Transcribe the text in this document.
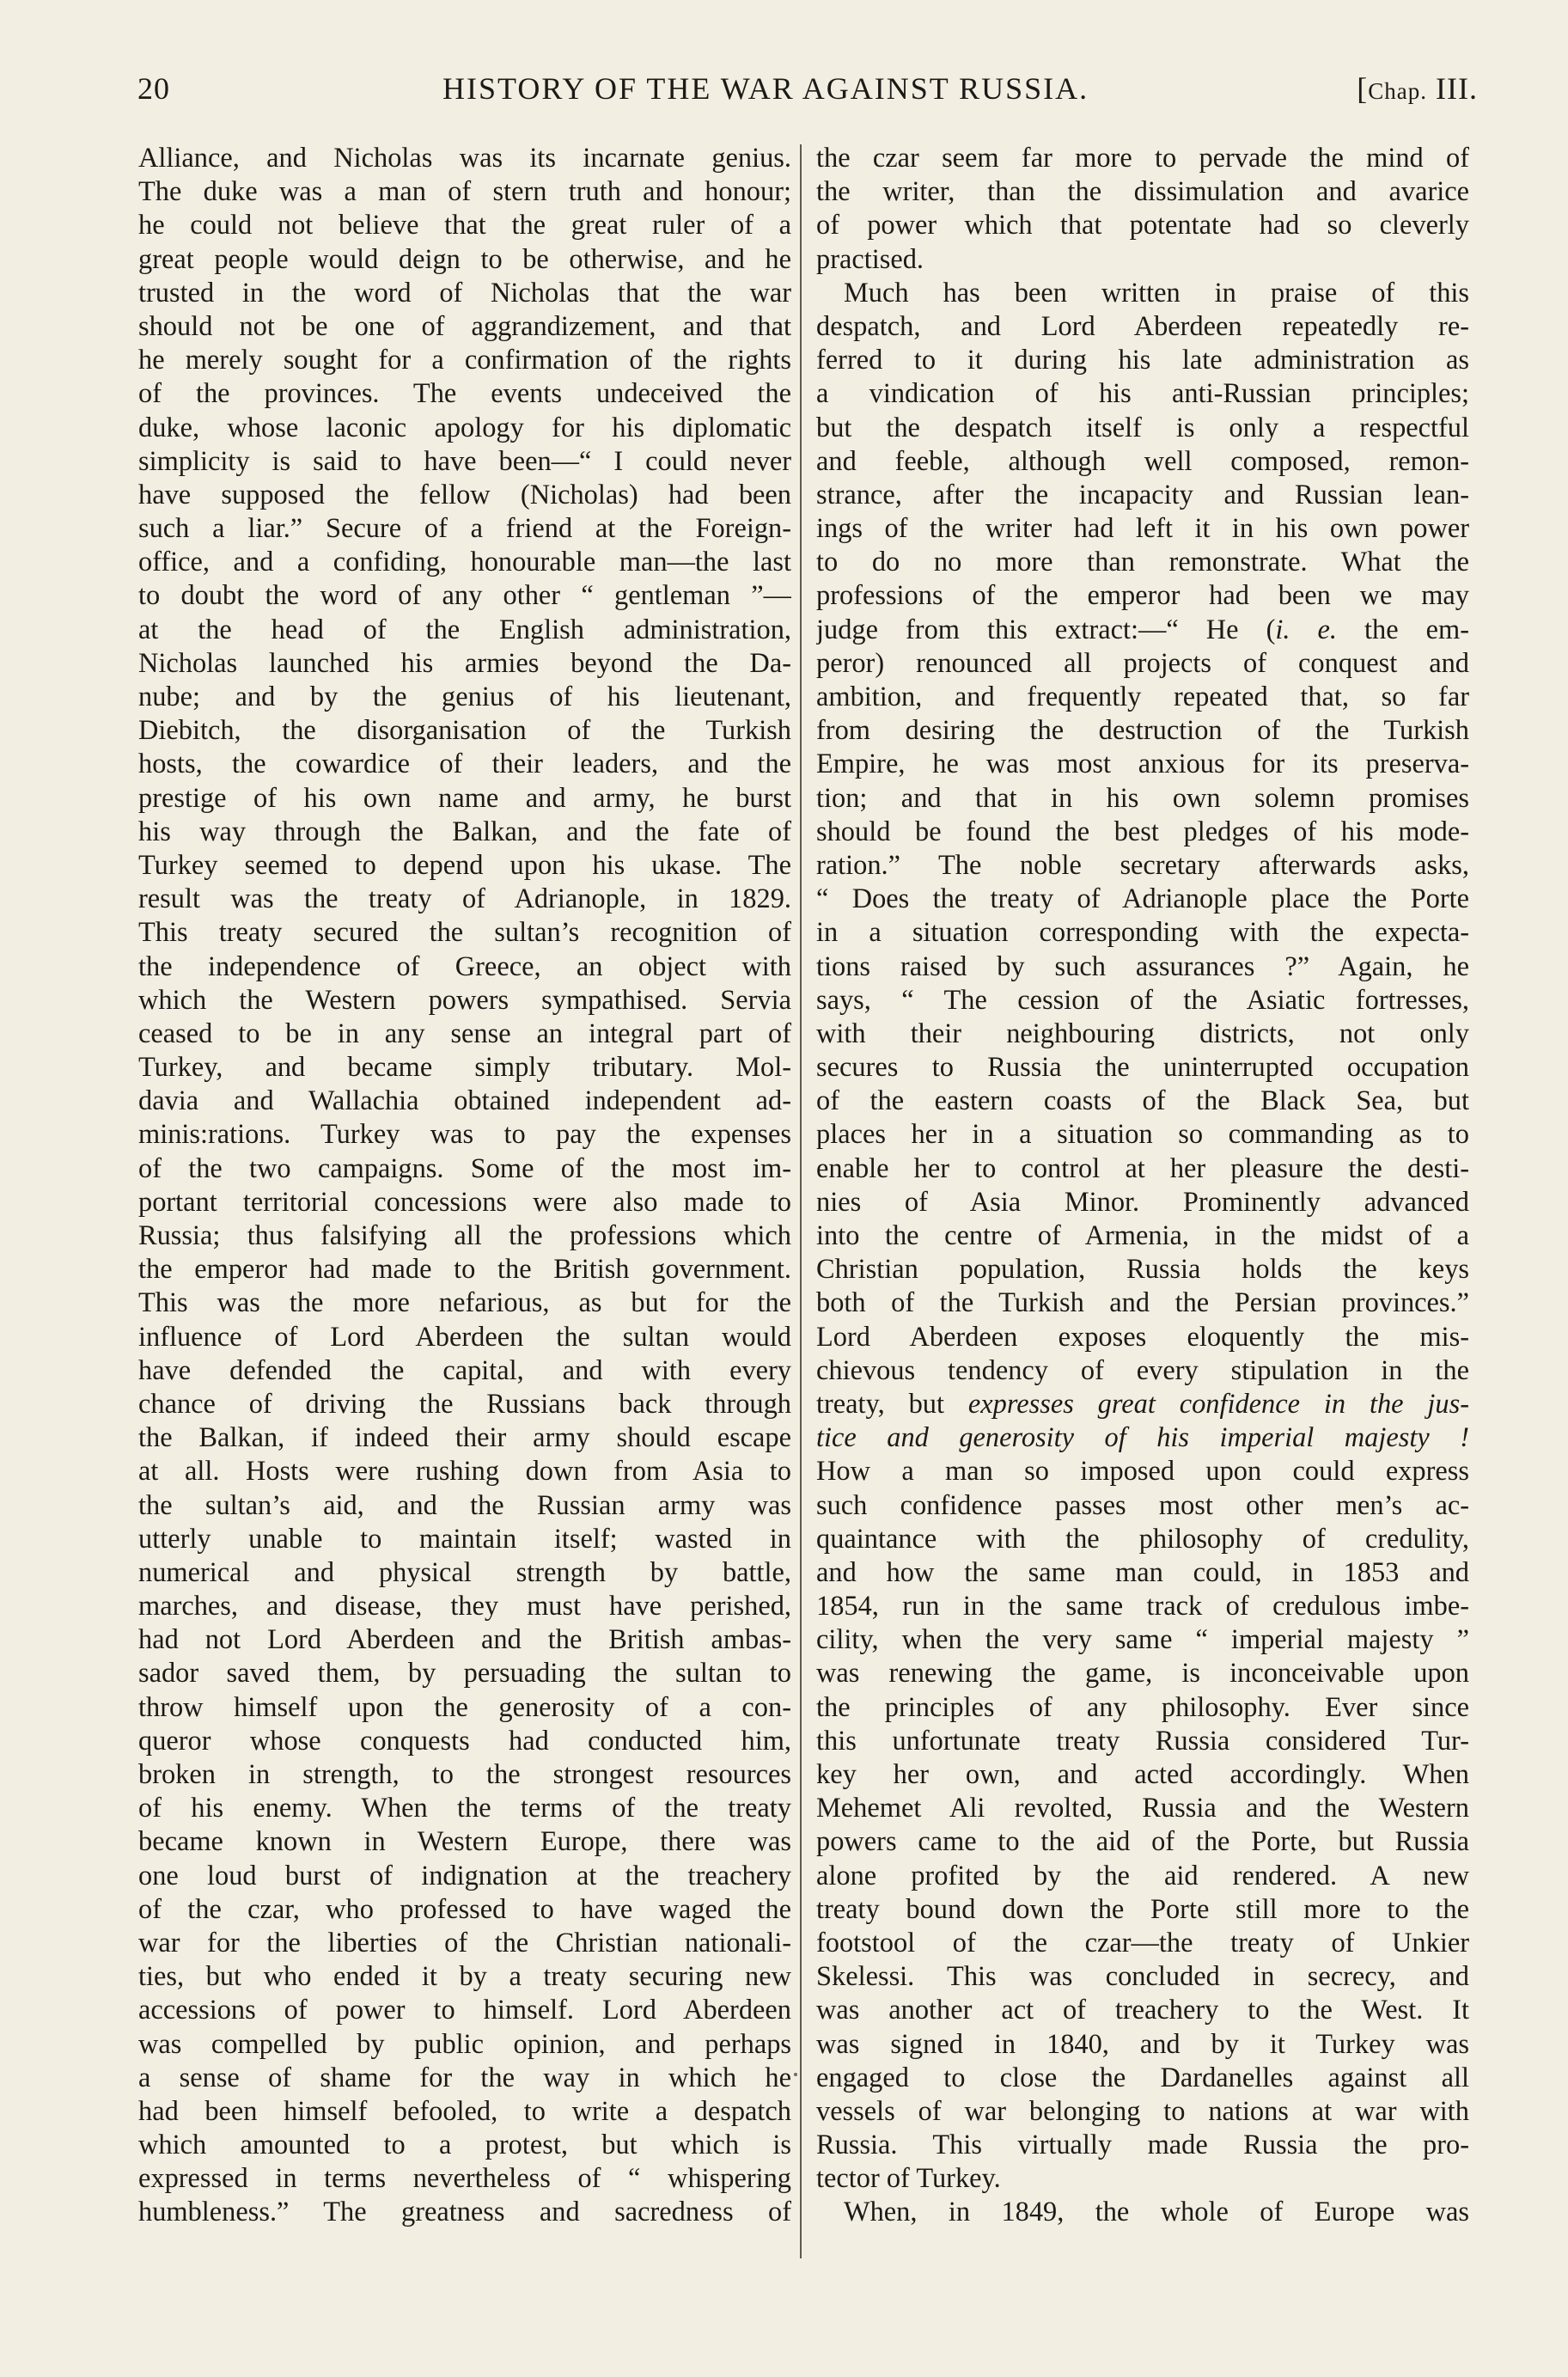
20	HISTORY OF THE WAR AGAINST RUSSIA.	[Chap. III.

Alliance, and Nicholas was its incarnate genius.
The duke was a man of stern truth and honour;
he could not believe that the great ruler of a
great people would deign to be otherwise, and he
trusted in the word of Nicholas that the war
should not be one of aggrandizement, and that
he merely sought for a confirmation of the rights
of the provinces. The events undeceived the
duke, whose laconic apology for his diplomatic
simplicity is said to have been—“ I could never
have supposed the fellow (Nicholas) had been
such a liar.” Secure of a friend at the Foreign-
office, and a confiding, honourable man—the last
to doubt the word of any other “ gentleman ”—
at the head of the English administration,
Nicholas launched his armies beyond the Da-
nube; and by the genius of his lieutenant,
Diebitch, the disorganisation of the Turkish
hosts, the cowardice of their leaders, and the
prestige of his own name and army, he burst
his way through the Balkan, and the fate of
Turkey seemed to depend upon his ukase. The
result was the treaty of Adrianople, in 1829.
This treaty secured the sultan’s recognition of
the independence of Greece, an object with
which the Western powers sympathised. Servia
ceased to be in any sense an integral part of
Turkey, and became simply tributary. Mol-
davia and Wallachia obtained independent ad-
minis:rations. Turkey was to pay the expenses
of the two campaigns. Some of the most im-
portant territorial concessions were also made to
Russia; thus falsifying all the professions which
the emperor had made to the British government.
This was the more nefarious, as but for the
influence of Lord Aberdeen the sultan would
have defended the capital, and with every
chance of driving the Russians back through
the Balkan, if indeed their army should escape
at all. Hosts were rushing down from Asia to
the sultan’s aid, and the Russian army was
utterly unable to maintain itself; wasted in
numerical and physical strength by battle,
marches, and disease, they must have perished,
had not Lord Aberdeen and the British ambas-
sador saved them, by persuading the sultan to
throw himself upon the generosity of a con-
queror whose conquests had conducted him,
broken in strength, to the strongest resources
of his enemy. When the terms of the treaty
became known in Western Europe, there was
one loud burst of indignation at the treachery
of the czar, who professed to have waged the
war for the liberties of the Christian nationali-
ties, but who ended it by a treaty securing new
accessions of power to himself. Lord Aberdeen
was compelled by public opinion, and perhaps
a sense of shame for the way in which he
had been himself befooled, to write a despatch
which amounted to a protest, but which is
expressed in terms nevertheless of “ whispering
humbleness.” The greatness and sacredness of

the czar seem far more to pervade the mind of
the writer, than the dissimulation and avarice
of power which that potentate had so cleverly
practised.

Much has been written in praise of this
despatch, and Lord Aberdeen repeatedly re-
ferred to it during his late administration as
a vindication of his anti-Russian principles;
but the despatch itself is only a respectful
and feeble, although well composed, remon-
strance, after the incapacity and Russian lean-
ings of the writer had left it in his own power
to do no more than remonstrate. What the
professions of the emperor had been we may
judge from this extract:—“ He (i. e. the em-
peror) renounced all projects of conquest and
ambition, and frequently repeated that, so far
from desiring the destruction of the Turkish
Empire, he was most anxious for its preserva-
tion; and that in his own solemn promises
should be found the best pledges of his mode-
ration.” The noble secretary afterwards asks,
“ Does the treaty of Adrianople place the Porte
in a situation corresponding with the expecta-
tions raised by such assurances ?” Again, he
says, “ The cession of the Asiatic fortresses,
with their neighbouring districts, not only
secures to Russia the uninterrupted occupation
of the eastern coasts of the Black Sea, but
places her in a situation so commanding as to
enable her to control at her pleasure the desti-
nies of Asia Minor. Prominently advanced
into the centre of Armenia, in the midst of a
Christian population, Russia holds the keys
both of the Turkish and the Persian provinces.”
Lord Aberdeen exposes eloquently the mis-
chievous tendency of every stipulation in the
treaty, but expresses great confidence in the jus-
tice and generosity of his imperial majesty !
How a man so imposed upon could express
such confidence passes most other men’s ac-
quaintance with the philosophy of credulity,
and how the same man could, in 1853 and
1854, run in the same track of credulous imbe-
cility, when the very same “ imperial majesty ”
was renewing the game, is inconceivable upon
the principles of any philosophy. Ever since
this unfortunate treaty Russia considered Tur-
key her own, and acted accordingly. When
Mehemet Ali revolted, Russia and the Western
powers came to the aid of the Porte, but Russia
alone profited by the aid rendered. A new
treaty bound down the Porte still more to the
footstool of the czar—the treaty of Unkier
Skelessi. This was concluded in secrecy, and
was another act of treachery to the West. It
was signed in 1840, and by it Turkey was
engaged to close the Dardanelles against all
vessels of war belonging to nations at war with
Russia. This virtually made Russia the pro-
tector of Turkey.

When, in 1849, the whole of Europe was
